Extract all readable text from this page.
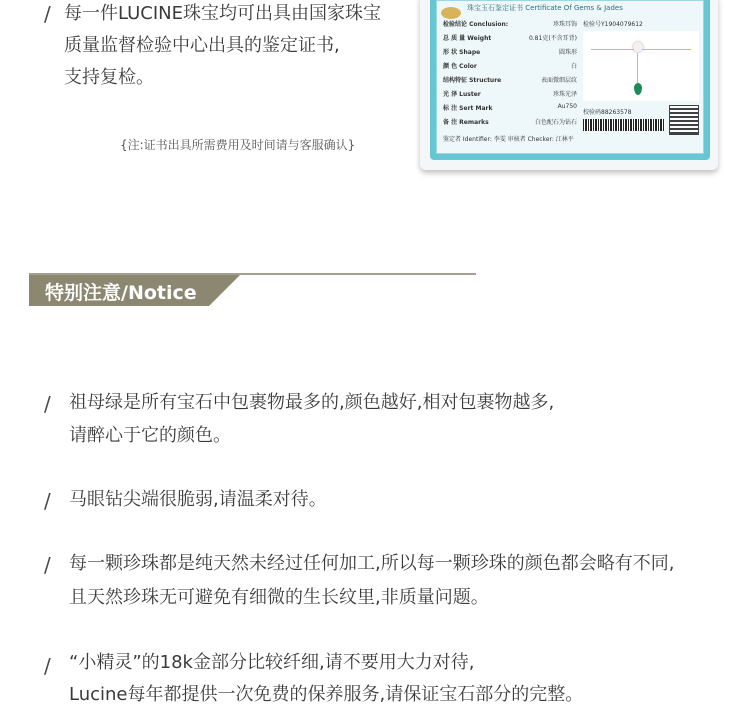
/ 每一件LUCINE珠宝均可出具由国家珠宝
质量监督检验中心出具的鉴定证书,
支持复检。
{注:证书出具所需费用及时间请与客服确认}
珠宝玉石鉴定证书 Certificate Of Gems & Jades
检验结论 Conclusion:	珍珠耳饰
总 质 量 Weight	0.81克(不含耳背)
形 状 Shape	圆珠形
颜 色 Color	白
结构特征 Structure	表面微细层纹
光 泽 Luster	珍珠光泽
标 注 Sert Mark	Au750
备 注 Remarks	白色配石为钻石
检验号Y1904079612
校验码88263578
鉴定者 Identifier: 李雯 审核者 Checker: 江林平
特别注意/Notice
/ 祖母绿是所有宝石中包裹物最多的,颜色越好,相对包裹物越多,
请醉心于它的颜色。
/ 马眼钻尖端很脆弱,请温柔对待。
/ 每一颗珍珠都是纯天然未经过任何加工,所以每一颗珍珠的颜色都会略有不同,
且天然珍珠无可避免有细微的生长纹里,非质量问题。
/ “小精灵”的18k金部分比较纤细,请不要用大力对待,
Lucine每年都提供一次免费的保养服务,请保证宝石部分的完整。
